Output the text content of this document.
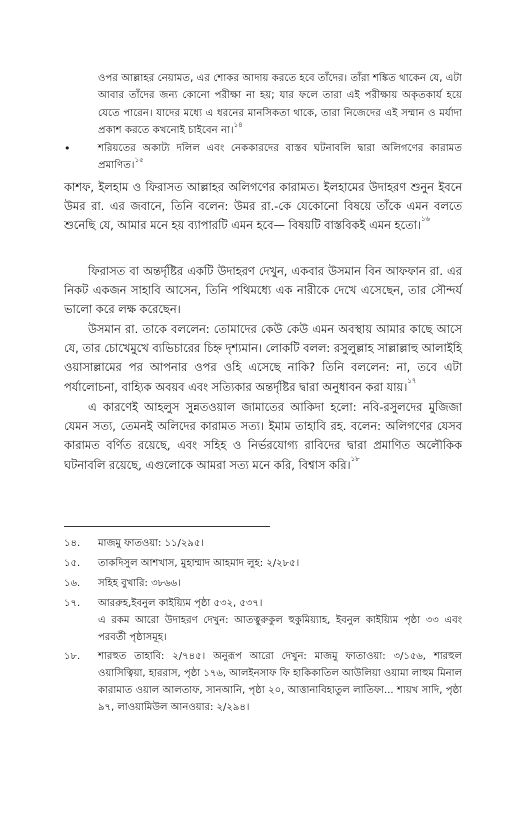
ওপর আল্লাহর নেয়ামত, এর শোকর আদায় করতে হবে তাঁদের। তাঁরা শঙ্কিত থাকেন যে, এটা আবার তাঁদের জন্য কোনো পরীক্ষা না হয়; যার ফলে তারা এই পরীক্ষায় অকৃতকার্য হয়ে যেতে পারেন। যাদের মধ্যে এ ধরনের মানসিকতা থাকে, তারা নিজেদের এই সম্মান ও মর্যাদা প্রকাশ করতে কখনোই চাইবেন না।$^{১৪}$
•	শরিয়তের অকাট্য দলিল এবং নেককারদের বাস্তব ঘটনাবলি দ্বারা অলিগণের কারামত প্রমাণিত।$^{১৫}$
কাশফ, ইলহাম ও ফিরাসত আল্লাহর অলিগণের কারামত। ইলহামের উদাহরণ শুনুন ইবনে উমর রা. এর জবানে, তিনি বলেন: উমর রা.-কে যেকোনো বিষয়ে তাঁকে এমন বলতে শুনেছি যে, আমার মনে হয় ব্যাপারটি এমন হবে— বিষয়টি বাস্তবিকই এমন হতো।$^{১৬}$
ফিরাসত বা অন্তর্দৃষ্টির একটি উদাহরণ দেখুন, একবার উসমান বিন আফফান রা. এর নিকট একজন সাহাবি আসেন, তিনি পথিমধ্যে এক নারীকে দেখে এসেছেন, তার সৌন্দর্য ভালো করে লক্ষ করেছেন।
উসমান রা. তাকে বললেন: তোমাদের কেউ কেউ এমন অবস্থায় আমার কাছে আসে যে, তার চোখেমুখে ব্যভিচারের চিহ্ন দৃশ্যমান। লোকটি বলল: রসুলুল্লাহ সাল্লাল্লাহু আলাইহি ওয়াসাল্লামের পর আপনার ওপর ওহি এসেছে নাকি? তিনি বললেন: না, তবে এটা পর্যালোচনা, বাহ্যিক অবয়ব এবং সত্যিকার অন্তর্দৃষ্টির দ্বারা অনুধাবন করা যায়।$^{১৭}$
এ কারণেই আহলুস সুন্নতওয়াল জামাতের আকিদা হলো: নবি-রসুলদের মুজিজা যেমন সত্য, তেমনই অলিদের কারামত সত্য। ইমাম তাহাবি রহ. বলেন: অলিগণের যেসব কারামত বর্ণিত রয়েছে, এবং সহিহ ও নির্ভরযোগ্য রাবিদের দ্বারা প্রমাণিত অলৌকিক ঘটনাবলি রয়েছে, এগুলোকে আমরা সত্য মনে করি, বিশ্বাস করি।$^{১৮}$
১৪.	মাজমু ফাতওয়া: ১১/২৯৫।

১৫.	তাকদিসুল আশখাস, মুহাম্মাদ আহমাদ লুহ: ২/২৮৫।

১৬.	সহিহ বুখারি: ৩৮৬৬।

১৭.	আররুহ,ইবনুল কাইয়্যিম পৃষ্ঠা ৫৩২, ৫৩৭।

এ রকম আরো উদাহরণ দেখুন: আতত্বুরুকুল হুকুমিয়্যাহ, ইবনুল কাইয়্যিম পৃষ্ঠা ৩৩ এবং পরবর্তী পৃষ্ঠাসমূহ।

১৮.	শারহুত তাহাবি: ২/৭৪৫। অনুরূপ আরো দেখুন: মাজমু ফাতাওয়া: ৩/১৫৬, শারহুল ওয়াসিত্বিয়া, হাররাস, পৃষ্ঠা ১৭৬, আলইনসাফ ফি হাকিকাতিল আউলিয়া ওয়ামা লাহুম মিনাল কারামাত ওয়াল আলতাফ, সানআনি, পৃষ্ঠা ২০, আত্তানাবিহাতুল লাতিফা... শায়খ সাদি, পৃষ্ঠা ৯৭, লাওয়ামিউল আনওয়ার: ২/২৯৪।
